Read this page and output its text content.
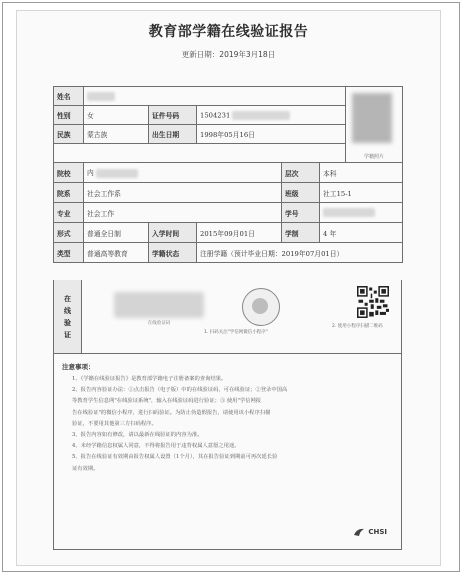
教育部学籍在线验证报告
更新日期：2019年3月18日
姓名						学籍照片

性别	女	证件号码	1504231			
民族	蒙古族	出生日期	1998年05月16日			

院校	内			层次	本科	
院系	社会工作系			班级	社工15-1	
专业	社会工作			学号		
形式	普通全日制	入学时间	2015年09月01日	学制	4 年	
类型	普通高等教育	学籍状态	注册学籍（预计毕业日期：2019年07月01日）			
在
线
验
证
在线验证码
1. 扫码关注"学信网微信小程序"
2. 使用小程序扫描二维码
注意事项：
1、《学籍在线验证报告》是教育部学籍电子注册备案的查询结果。
2、报告内容验证办法：①点击报告（电子版）中的在线验证码，可在线验证；②登录中国高
等教育学生信息网"在线验证系统"，输入在线验证码进行验证；③ 使用"学信网报
告在线验证"的微信小程序，进行扫码验证。为防止伪造假报告，请使用该小程序扫描
验证，不要用其他第三方扫码程序。
3、报告内容如有修改，请以最新在线验证的内容为准。
4、未经学籍信息权属人同意，不得将报告用于违背权属人意愿之用途。
5、报告在线验证有效期由报告权属人设置（1个月），其在报告验证到期前可再次延长验
证有效期。
CHSI
